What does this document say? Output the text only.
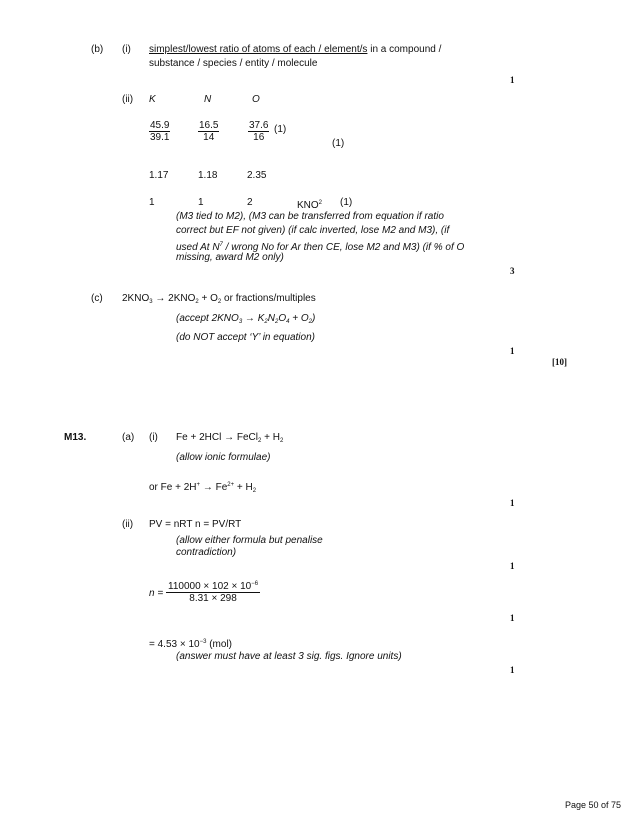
(b) (i) simplest/lowest ratio of atoms of each / element/s in a compound /
substance / species / entity / molecule
1
(ii) K	N	O
$\frac{45.9}{39.1}$	$\frac{16.5}{14}$	$\frac{37.6}{16} (1)$
(1)
1.17	1.18	2.35
1	1	2	KNO$^2$ (1)
(M3 tied to M2), (M3 can be transferred from equation if ratio
correct but EF not given) (if calc inverted, lose M2 and M3), (if
used At $N^7$ / wrong No for Ar then CE, lose M2 and M3) (if % of O
missing, award M2 only)
3
(c) $2KNO_3 \to 2KNO_2 + O_2$ or fractions/multiples
(accept $2KNO_3 \to K_2N_2O_4 + O_2$)
(do NOT accept ‘Y’ in equation)
1
[10]
M13.	(a) (i) Fe + 2HCl → FeCl$_2$ + $H_2$
(allow ionic formulae)
or $Fe + 2H^+ \to Fe^{2+} + H_2$
1
(ii) PV = nRT n = PV/RT
(allow either formula but penalise
contradiction)
1
$n = \frac{110000 \times 102 \times 10^{-6}}{8.31 \times 298}$
1
= $4.53 \times 10^{-3}$ (mol)
(answer must have at least 3 sig. figs. Ignore units)
1
Page 50 of 75
